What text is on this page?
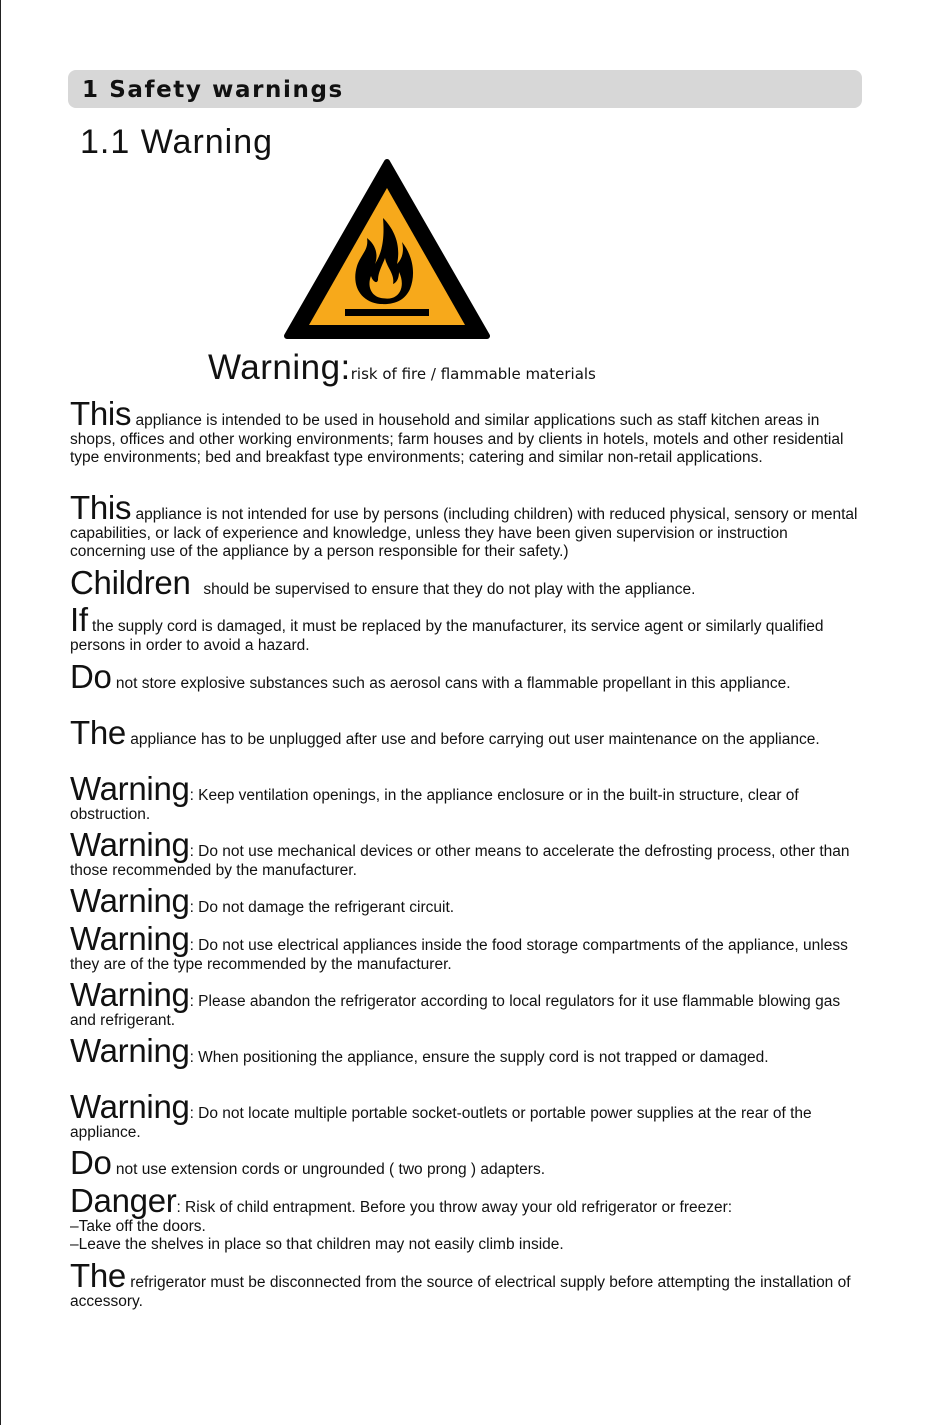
1 Safety warnings
1.1 Warning
Warning:risk of fire / flammable materials

This appliance is intended to be used in household and similar applications such as staff kitchen areas in shops, offices and other working environments; farm houses and by clients in hotels, motels and other residential type environments; bed and breakfast type environments; catering and similar non-retail applications.

This appliance is not intended for use by persons (including children) with reduced physical, sensory or mental capabilities, or lack of experience and knowledge, unless they have been given supervision or instruction concerning use of the appliance by a person responsible for their safety.)

Children   should be supervised to ensure that they do not play with the appliance.

If the supply cord is damaged, it must be replaced by the manufacturer, its service agent or similarly qualified persons in order to avoid a hazard.

Do not store explosive substances such as aerosol cans with a flammable propellant in this appliance.

The appliance has to be unplugged after use and before carrying out user maintenance on the appliance.

Warning: Keep ventilation openings, in the appliance enclosure or in the built-in structure, clear of obstruction.

Warning: Do not use mechanical devices or other means to accelerate the defrosting process, other than those recommended by the manufacturer.

Warning: Do not damage the refrigerant circuit.

Warning: Do not use electrical appliances inside the food storage compartments of the appliance, unless they are of the type recommended by the manufacturer.

Warning: Please abandon the refrigerator according to local regulators for it use flammable blowing gas and refrigerant.

Warning: When positioning the appliance, ensure the supply cord is not trapped or damaged.

Warning: Do not locate multiple portable socket-outlets or portable power supplies at the rear of the appliance.

Do not use extension cords or ungrounded ( two prong ) adapters.

Danger: Risk of child entrapment. Before you throw away your old refrigerator or freezer:
–Take off the doors.
–Leave the shelves in place so that children may not easily climb inside.

The refrigerator must be disconnected from the source of electrical supply before attempting the installation of accessory.
